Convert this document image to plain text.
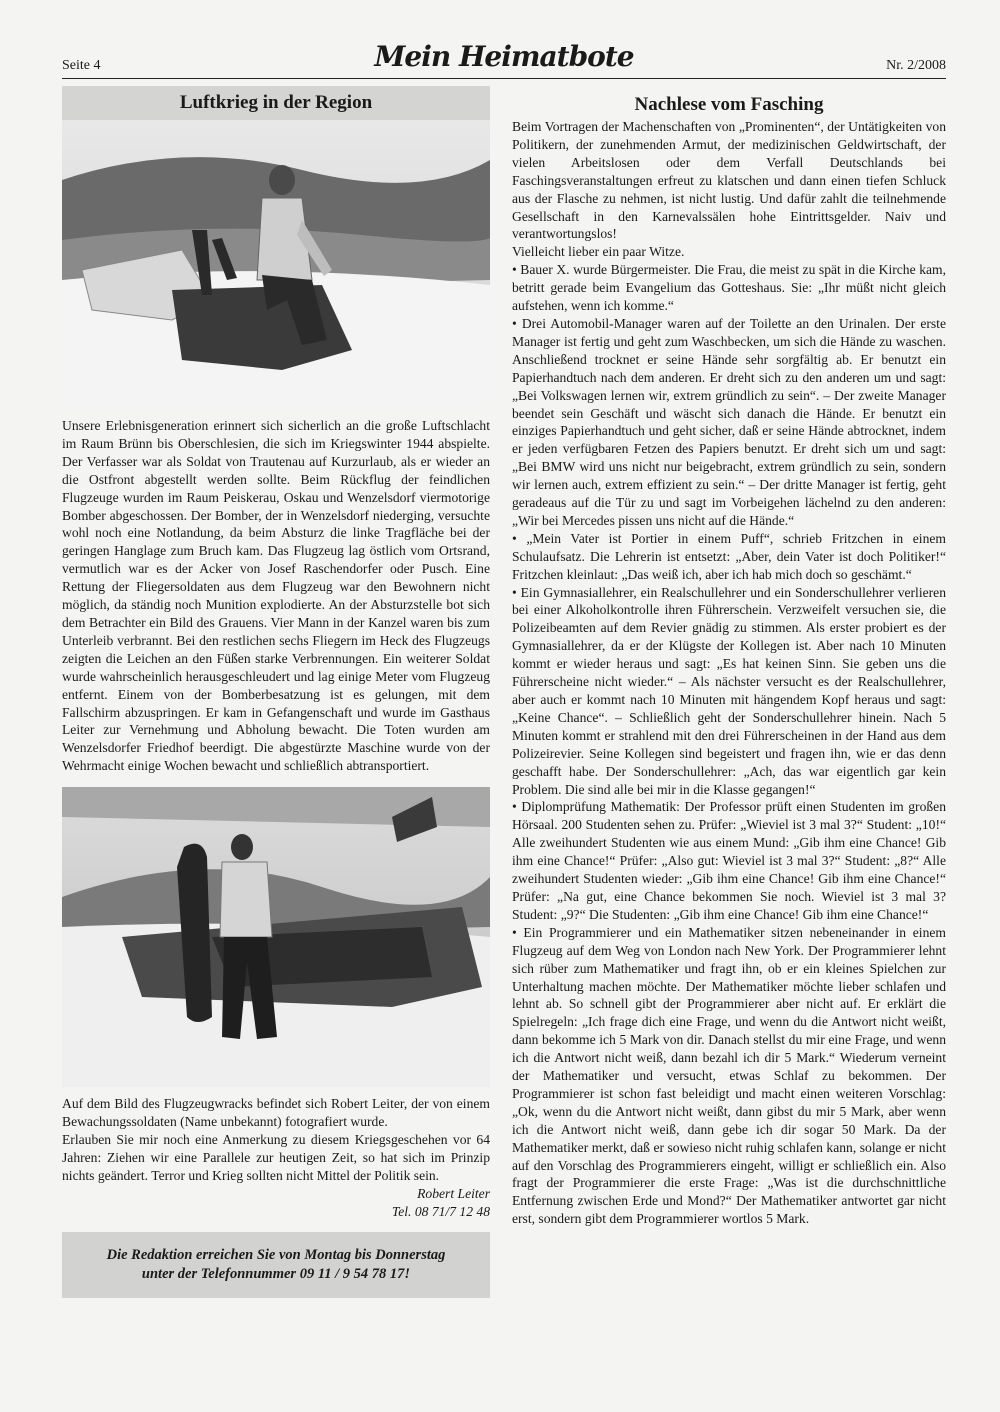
Seite 4	Mein Heimatbote	Nr. 2/2008
Luftkrieg in der Region

Unsere Erlebnisgeneration erinnert sich sicherlich an die große Luftschlacht im Raum Brünn bis Oberschlesien, die sich im Kriegswinter 1944 abspielte. Der Verfasser war als Soldat von Trautenau auf Kurzurlaub, als er wieder an die Ostfront abgestellt werden sollte. Beim Rückflug der feindlichen Flugzeuge wurden im Raum Peiskerau, Oskau und Wenzelsdorf viermotorige Bomber abgeschossen. Der Bomber, der in Wenzelsdorf niederging, versuchte wohl noch eine Notlandung, da beim Absturz die linke Tragfläche bei der geringen Hanglage zum Bruch kam. Das Flugzeug lag östlich vom Ortsrand, vermutlich war es der Acker von Josef Raschendorfer oder Pusch. Eine Rettung der Fliegersoldaten aus dem Flugzeug war den Bewohnern nicht möglich, da ständig noch Munition explodierte. An der Absturzstelle bot sich dem Betrachter ein Bild des Grauens. Vier Mann in der Kanzel waren bis zum Unterleib verbrannt. Bei den restlichen sechs Fliegern im Heck des Flugzeugs zeigten die Leichen an den Füßen starke Verbrennungen. Ein weiterer Soldat wurde wahrscheinlich herausgeschleudert und lag einige Meter vom Flugzeug entfernt. Einem von der Bomberbesatzung ist es gelungen, mit dem Fallschirm abzuspringen. Er kam in Gefangenschaft und wurde im Gasthaus Leiter zur Vernehmung und Abholung bewacht. Die Toten wurden am Wenzelsdorfer Friedhof beerdigt. Die abgestürzte Maschine wurde von der Wehrmacht einige Wochen bewacht und schließlich abtransportiert.

Auf dem Bild des Flugzeugwracks befindet sich Robert Leiter, der von einem Bewachungssoldaten (Name unbekannt) fotografiert wurde.

Erlauben Sie mir noch eine Anmerkung zu diesem Kriegsgeschehen vor 64 Jahren: Ziehen wir eine Parallele zur heutigen Zeit, so hat sich im Prinzip nichts geändert. Terror und Krieg sollten nicht Mittel der Politik sein.

Robert Leiter
Tel. 08 71/7 12 48
Die Redaktion erreichen Sie von Montag bis Donnerstag
unter der Telefonnummer 09 11 / 9 54 78 17!
Nachlese vom Fasching

Beim Vortragen der Machenschaften von „Prominenten“, der Untätigkeiten von Politikern, der zunehmenden Armut, der medizinischen Geldwirtschaft, der vielen Arbeitslosen oder dem Verfall Deutschlands bei Faschingsveranstaltungen erfreut zu klatschen und dann einen tiefen Schluck aus der Flasche zu nehmen, ist nicht lustig. Und dafür zahlt die teilnehmende Gesellschaft in den Karnevalssälen hohe Eintrittsgelder. Naiv und verantwortungslos!

Vielleicht lieber ein paar Witze.

• Bauer X. wurde Bürgermeister. Die Frau, die meist zu spät in die Kirche kam, betritt gerade beim Evangelium das Gotteshaus. Sie: „Ihr müßt nicht gleich aufstehen, wenn ich komme.“

• Drei Automobil-Manager waren auf der Toilette an den Urinalen. Der erste Manager ist fertig und geht zum Waschbecken, um sich die Hände zu waschen. Anschließend trocknet er seine Hände sehr sorgfältig ab. Er benutzt ein Papierhandtuch nach dem anderen. Er dreht sich zu den anderen um und sagt: „Bei Volkswagen lernen wir, extrem gründlich zu sein“. – Der zweite Manager beendet sein Geschäft und wäscht sich danach die Hände. Er benutzt ein einziges Papierhandtuch und geht sicher, daß er seine Hände abtrocknet, indem er jeden verfügbaren Fetzen des Papiers benutzt. Er dreht sich um und sagt: „Bei BMW wird uns nicht nur beigebracht, extrem gründlich zu sein, sondern wir lernen auch, extrem effizient zu sein.“ – Der dritte Manager ist fertig, geht geradeaus auf die Tür zu und sagt im Vorbeigehen lächelnd zu den anderen: „Wir bei Mercedes pissen uns nicht auf die Hände.“

• „Mein Vater ist Portier in einem Puff“, schrieb Fritzchen in einem Schulaufsatz. Die Lehrerin ist entsetzt: „Aber, dein Vater ist doch Politiker!“ Fritzchen kleinlaut: „Das weiß ich, aber ich hab mich doch so geschämt.“

• Ein Gymnasiallehrer, ein Realschullehrer und ein Sonderschullehrer verlieren bei einer Alkoholkontrolle ihren Führerschein. Verzweifelt versuchen sie, die Polizeibeamten auf dem Revier gnädig zu stimmen. Als erster probiert es der Gymnasiallehrer, da er der Klügste der Kollegen ist. Aber nach 10 Minuten kommt er wieder heraus und sagt: „Es hat keinen Sinn. Sie geben uns die Führerscheine nicht wieder.“ – Als nächster versucht es der Realschullehrer, aber auch er kommt nach 10 Minuten mit hängendem Kopf heraus und sagt: „Keine Chance“. – Schließlich geht der Sonderschullehrer hinein. Nach 5 Minuten kommt er strahlend mit den drei Führerscheinen in der Hand aus dem Polizeirevier. Seine Kollegen sind begeistert und fragen ihn, wie er das denn geschafft habe. Der Sonderschullehrer: „Ach, das war eigentlich gar kein Problem. Die sind alle bei mir in die Klasse gegangen!“

• Diplomprüfung Mathematik: Der Professor prüft einen Studenten im großen Hörsaal. 200 Studenten sehen zu. Prüfer: „Wieviel ist 3 mal 3?“ Student: „10!“ Alle zweihundert Studenten wie aus einem Mund: „Gib ihm eine Chance! Gib ihm eine Chance!“ Prüfer: „Also gut: Wieviel ist 3 mal 3?“ Student: „8?“ Alle zweihundert Studenten wieder: „Gib ihm eine Chance! Gib ihm eine Chance!“ Prüfer: „Na gut, eine Chance bekommen Sie noch. Wieviel ist 3 mal 3? Student: „9?“ Die Studenten: „Gib ihm eine Chance! Gib ihm eine Chance!“

• Ein Programmierer und ein Mathematiker sitzen nebeneinander in einem Flugzeug auf dem Weg von London nach New York. Der Programmierer lehnt sich rüber zum Mathematiker und fragt ihn, ob er ein kleines Spielchen zur Unterhaltung machen möchte. Der Mathematiker möchte lieber schlafen und lehnt ab. So schnell gibt der Programmierer aber nicht auf. Er erklärt die Spielregeln: „Ich frage dich eine Frage, und wenn du die Antwort nicht weißt, dann bekomme ich 5 Mark von dir. Danach stellst du mir eine Frage, und wenn ich die Antwort nicht weiß, dann bezahl ich dir 5 Mark.“ Wiederum verneint der Mathematiker und versucht, etwas Schlaf zu bekommen. Der Programmierer ist schon fast beleidigt und macht einen weiteren Vorschlag: „Ok, wenn du die Antwort nicht weißt, dann gibst du mir 5 Mark, aber wenn ich die Antwort nicht weiß, dann gebe ich dir sogar 50 Mark. Da der Mathematiker merkt, daß er sowieso nicht ruhig schlafen kann, solange er nicht auf den Vorschlag des Programmierers eingeht, willigt er schließlich ein. Also fragt der Programmierer die erste Frage: „Was ist die durchschnittliche Entfernung zwischen Erde und Mond?“ Der Mathematiker antwortet gar nicht erst, sondern gibt dem Programmierer wortlos 5 Mark.
